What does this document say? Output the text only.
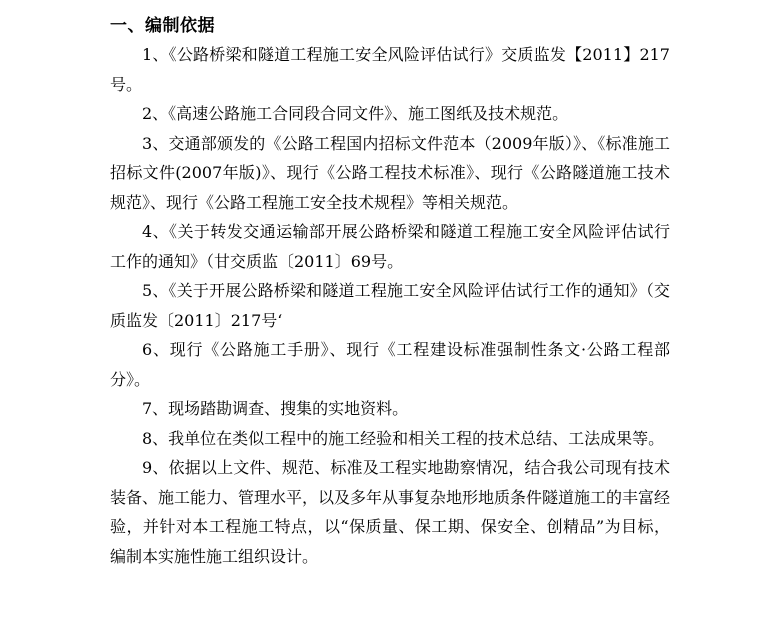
一、编制依据

1、《公路桥梁和隧道工程施工安全风险评估试行》交质监发【2011】217号。

2、《高速公路施工合同段合同文件》、施工图纸及技术规范。

3、交通部颁发的《公路工程国内招标文件范本（2009年版）》、《标准施工招标文件(2007年版)》、现行《公路工程技术标准》、现行《公路隧道施工技术规范》、现行《公路工程施工安全技术规程》等相关规范。

4、《关于转发交通运输部开展公路桥梁和隧道工程施工安全风险评估试行工作的通知》（甘交质监〔2011〕69号。

5、《关于开展公路桥梁和隧道工程施工安全风险评估试行工作的通知》（交质监发〔2011〕217号‘

6、现行《公路施工手册》、现行《工程建设标准强制性条文·公路工程部分》。

7、现场踏勘调查、搜集的实地资料。

8、我单位在类似工程中的施工经验和相关工程的技术总结、工法成果等。

9、依据以上文件、规范、标准及工程实地勘察情况，结合我公司现有技术装备、施工能力、管理水平，以及多年从事复杂地形地质条件隧道施工的丰富经验，并针对本工程施工特点，以“保质量、保工期、保安全、创精品”为目标，编制本实施性施工组织设计。
